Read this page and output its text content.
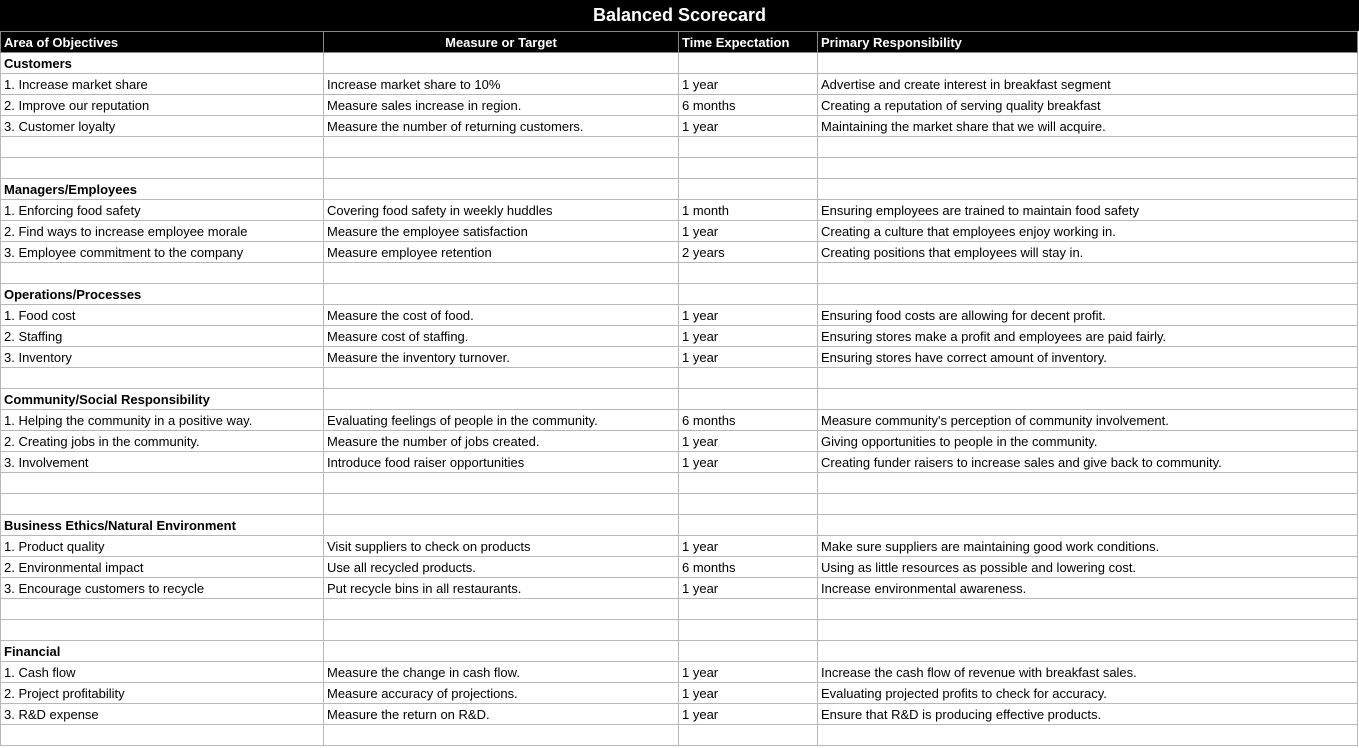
Balanced Scorecard
Area of Objectives	Measure or Target	Time Expectation	Primary Responsibility
Customers			
1. Increase market share	Increase market share to 10%	1 year	Advertise and create interest in breakfast segment
2. Improve our reputation	Measure sales increase in region.	6 months	Creating a reputation of serving quality breakfast
3. Customer loyalty	Measure the number of returning customers.	1 year	Maintaining the market share that we will acquire.

Managers/Employees			
1. Enforcing food safety	Covering food safety in weekly huddles	1 month	Ensuring employees are trained to maintain food safety
2. Find ways to increase employee morale	Measure the employee satisfaction	1 year	Creating a culture that employees enjoy working in.
3. Employee commitment to the company	Measure employee retention	2 years	Creating positions that employees will stay in.

Operations/Processes			
1. Food cost	Measure the cost of food.	1 year	Ensuring food costs are allowing for decent profit.
2. Staffing	Measure cost of staffing.	1 year	Ensuring stores make a profit and employees are paid fairly.
3. Inventory	Measure the inventory turnover.	1 year	Ensuring stores have correct amount of inventory.

Community/Social Responsibility			
1. Helping the community in a positive way.	Evaluating feelings of people in the community.	6 months	Measure community's perception of community involvement.
2. Creating jobs in the community.	Measure the number of jobs created.	1 year	Giving opportunities to people in the community.
3. Involvement	Introduce food raiser opportunities	1 year	Creating funder raisers to increase sales and give back to community.

Business Ethics/Natural Environment			
1. Product quality	Visit suppliers to check on products	1 year	Make sure suppliers are maintaining good work conditions.
2. Environmental impact	Use all recycled products.	6 months	Using as little resources as possible and lowering cost.
3. Encourage customers to recycle	Put recycle bins in all restaurants.	1 year	Increase environmental awareness.

Financial			
1. Cash flow	Measure the change in cash flow.	1 year	Increase the cash flow of revenue with breakfast sales.
2. Project profitability	Measure accuracy of projections.	1 year	Evaluating projected profits to check for accuracy.
3. R&D expense	Measure the return on R&D.	1 year	Ensure that R&D is producing effective products.
